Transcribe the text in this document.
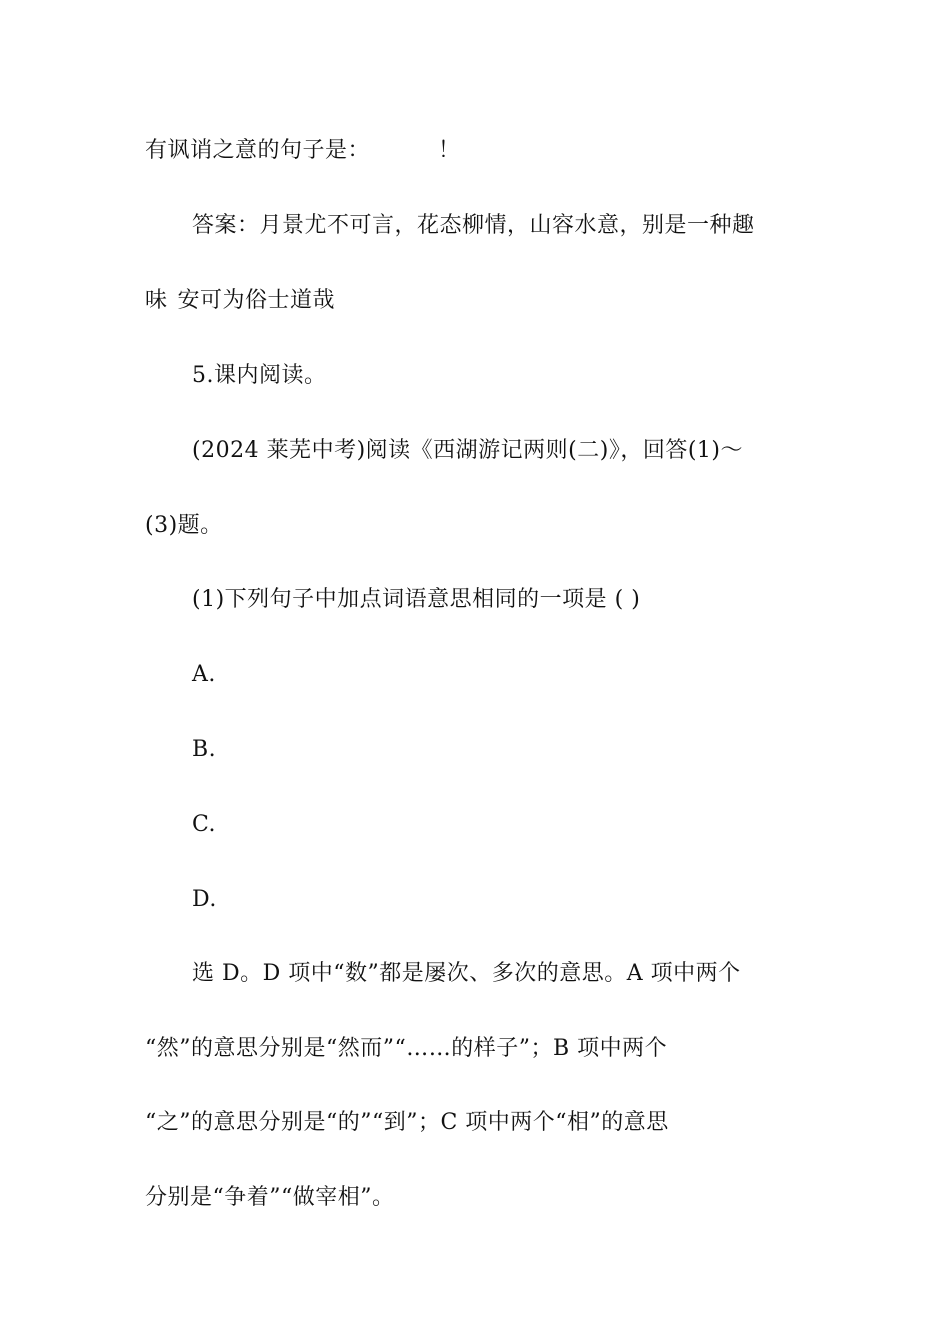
有讽诮之意的句子是：	！
答案：月景尤不可言，花态柳情，山容水意，别是一种趣
味 安可为俗士道哉
5.课内阅读。
(2024 莱芜中考)阅读《西湖游记两则(二)》，回答(1)～
(3)题。
(1)下列句子中加点词语意思相同的一项是 ( )
A.
B.
C.
D.
选 D。D 项中“数”都是屡次、多次的意思。A 项中两个
“然”的意思分别是“然而”“……的样子”；B 项中两个
“之”的意思分别是“的”“到”；C 项中两个“相”的意思
分别是“争着”“做宰相”。
